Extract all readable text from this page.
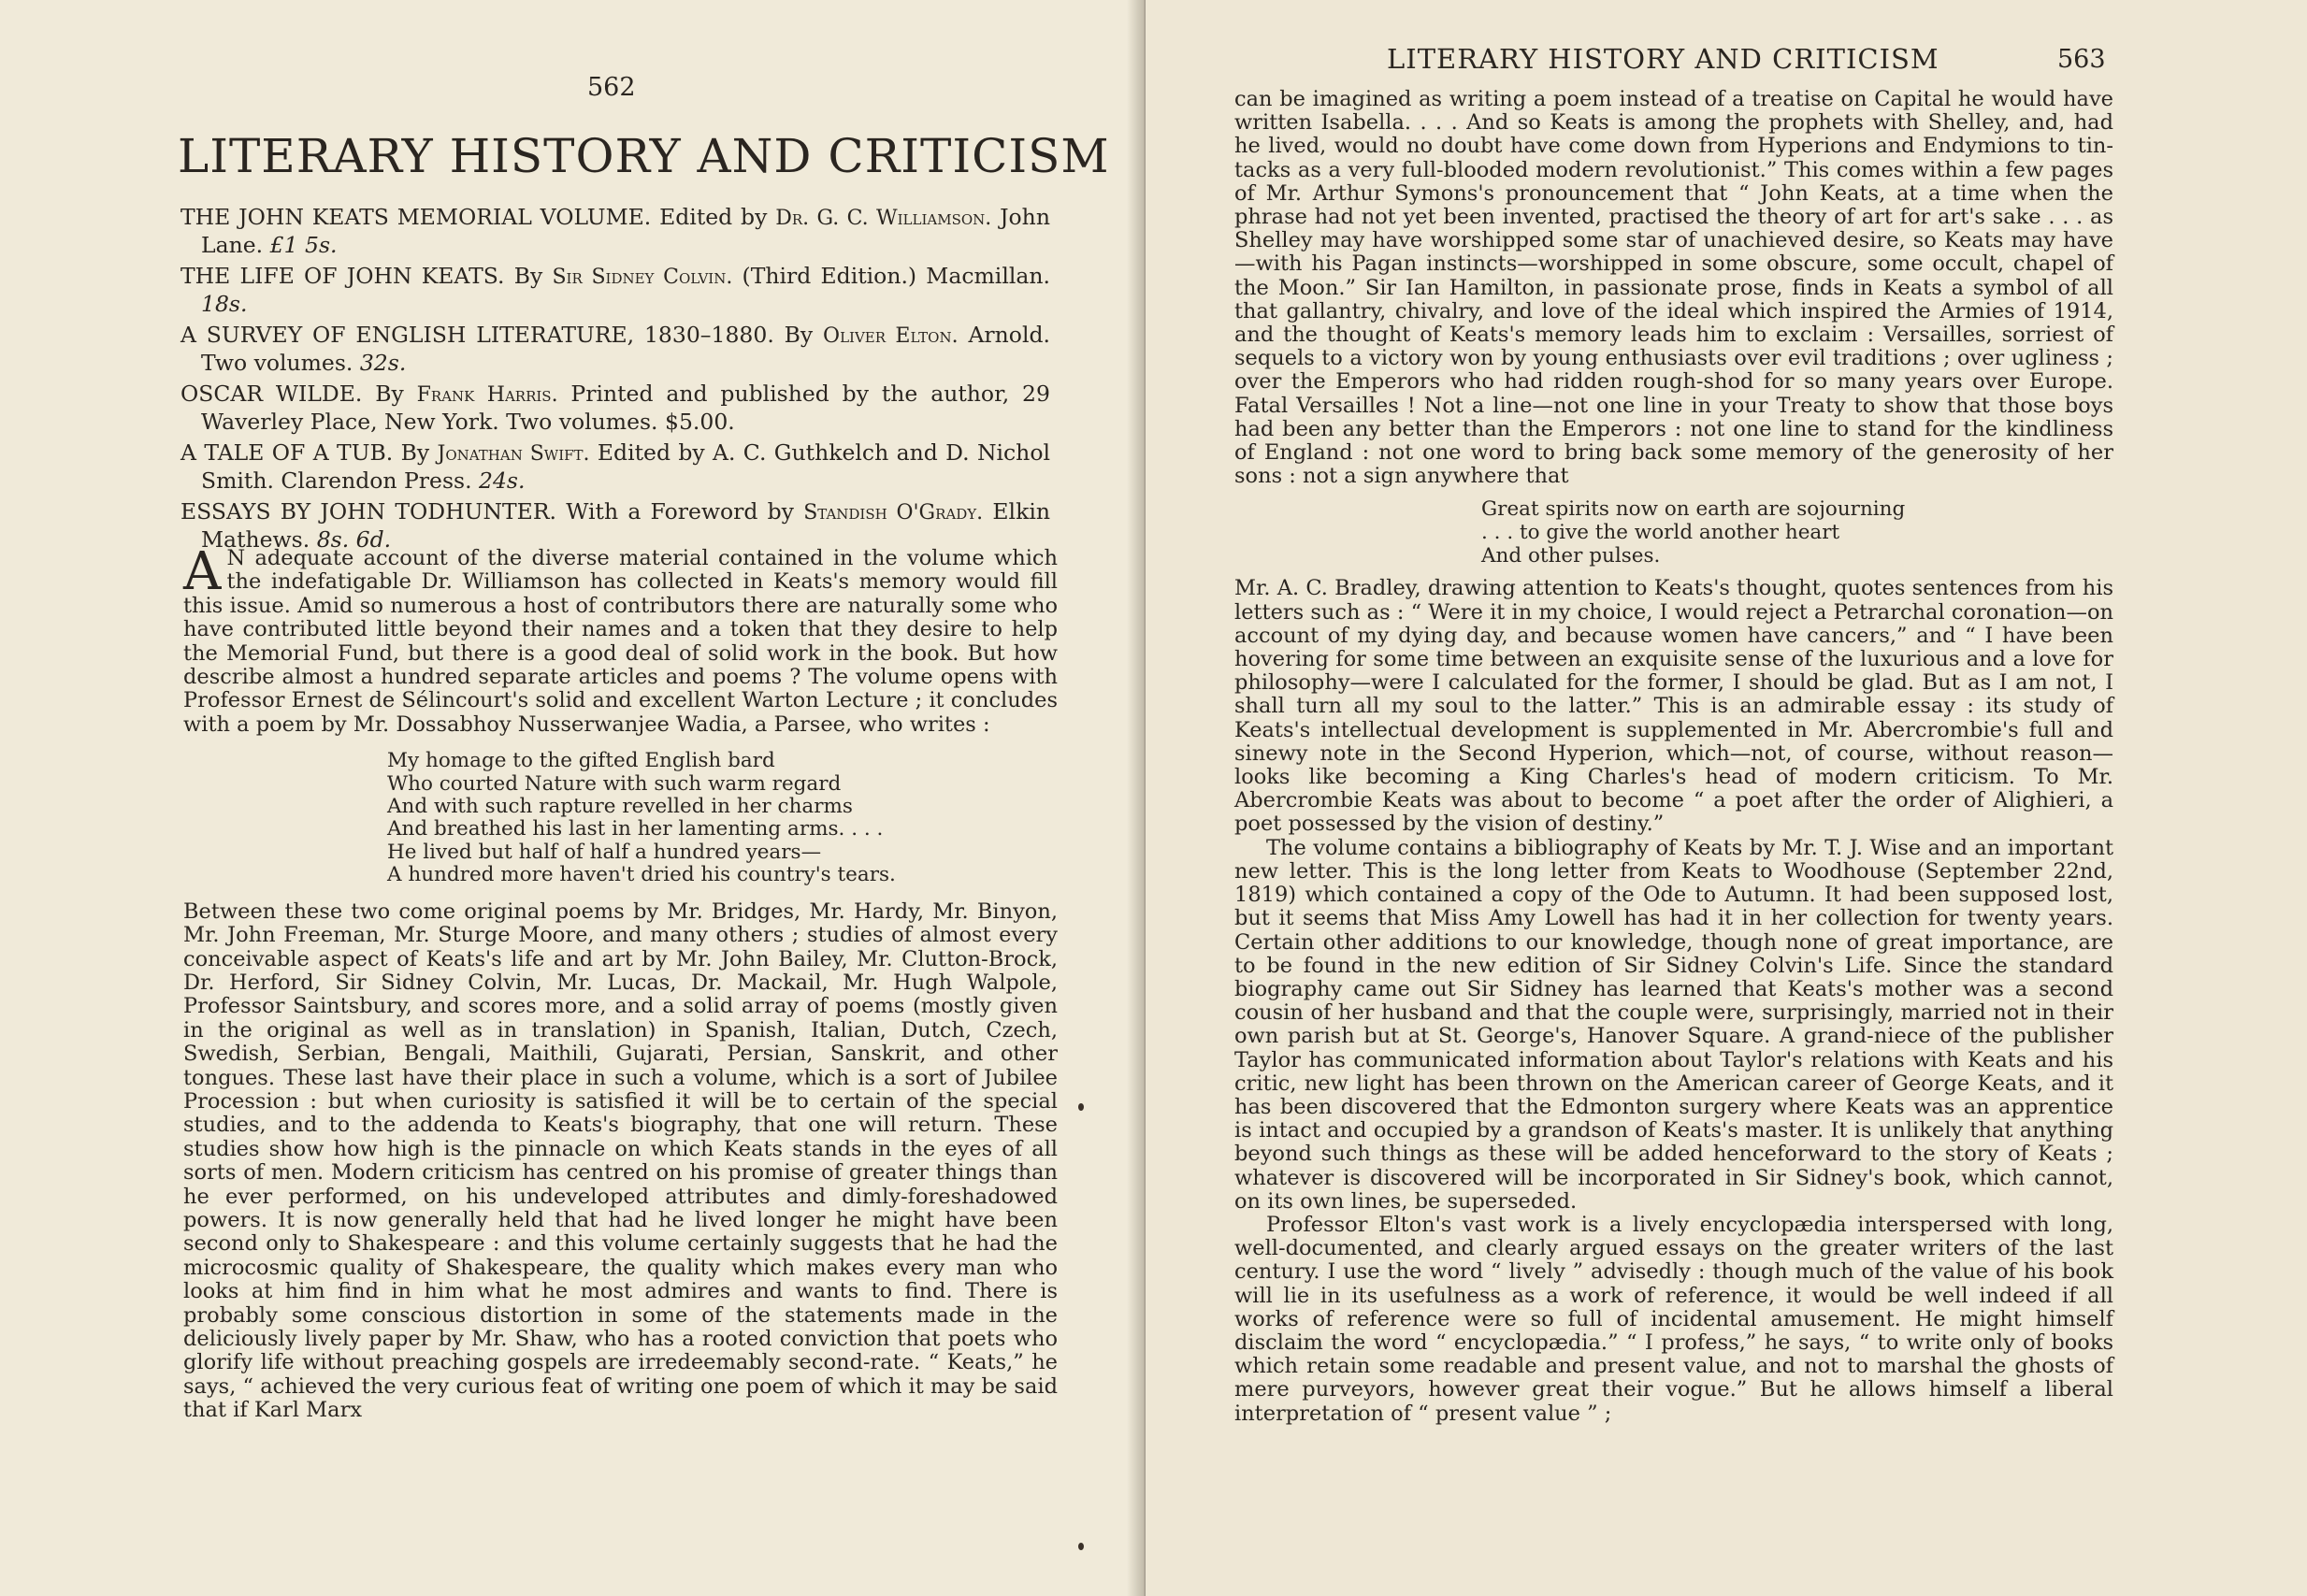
562
LITERARY HISTORY AND CRITICISM

THE JOHN KEATS MEMORIAL VOLUME. Edited by Dr. G. C. Williamson. John Lane. £1 5s.

THE LIFE OF JOHN KEATS. By Sir Sidney Colvin. (Third Edition.) Macmillan. 18s.

A SURVEY OF ENGLISH LITERATURE, 1830–1880. By Oliver Elton. Arnold. Two volumes. 32s.

OSCAR WILDE. By Frank Harris. Printed and published by the author, 29 Waverley Place, New York. Two volumes. $5.00.

A TALE OF A TUB. By Jonathan Swift. Edited by A. C. Guthkelch and D. Nichol Smith. Clarendon Press. 24s.

ESSAYS BY JOHN TODHUNTER. With a Foreword by Standish O'Grady. Elkin Mathews. 8s. 6d.

A N adequate account of the diverse material contained in the volume which the indefatigable Dr. Williamson has collected in Keats's memory would fill this issue. Amid so numerous a host of contributors there are naturally some who have contributed little beyond their names and a token that they desire to help the Memorial Fund, but there is a good deal of solid work in the book. But how describe almost a hundred separate articles and poems ? The volume opens with Professor Ernest de Sélincourt's solid and excellent Warton Lecture ; it concludes with a poem by Mr. Dossabhoy Nusserwanjee Wadia, a Parsee, who writes :

My homage to the gifted English bard
Who courted Nature with such warm regard
And with such rapture revelled in her charms
And breathed his last in her lamenting arms. . . .
He lived but half of half a hundred years—
A hundred more haven't dried his country's tears.

Between these two come original poems by Mr. Bridges, Mr. Hardy, Mr. Binyon, Mr. John Freeman, Mr. Sturge Moore, and many others ; studies of almost every conceivable aspect of Keats's life and art by Mr. John Bailey, Mr. Clutton-Brock, Dr. Herford, Sir Sidney Colvin, Mr. Lucas, Dr. Mackail, Mr. Hugh Walpole, Professor Saintsbury, and scores more, and a solid array of poems (mostly given in the original as well as in translation) in Spanish, Italian, Dutch, Czech, Swedish, Serbian, Bengali, Maithili, Gujarati, Persian, Sanskrit, and other tongues. These last have their place in such a volume, which is a sort of Jubilee Procession : but when curiosity is satisfied it will be to certain of the special studies, and to the addenda to Keats's biography, that one will return. These studies show how high is the pinnacle on which Keats stands in the eyes of all sorts of men. Modern criticism has centred on his promise of greater things than he ever performed, on his undeveloped attributes and dimly-foreshadowed powers. It is now generally held that had he lived longer he might have been second only to Shakespeare : and this volume certainly suggests that he had the microcosmic quality of Shakespeare, the quality which makes every man who looks at him find in him what he most admires and wants to find. There is probably some conscious distortion in some of the statements made in the deliciously lively paper by Mr. Shaw, who has a rooted conviction that poets who glorify life without preaching gospels are irredeemably second-rate. “ Keats,” he says, “ achieved the very curious feat of writing one poem of which it may be said that if Karl Marx

LITERARY HISTORY AND CRITICISM	563

can be imagined as writing a poem instead of a treatise on Capital he would have written Isabella. . . . And so Keats is among the prophets with Shelley, and, had he lived, would no doubt have come down from Hyperions and Endymions to tin-tacks as a very full-blooded modern revolutionist.” This comes within a few pages of Mr. Arthur Symons's pronouncement that “ John Keats, at a time when the phrase had not yet been invented, practised the theory of art for art's sake . . . as Shelley may have worshipped some star of unachieved desire, so Keats may have—with his Pagan instincts—worshipped in some obscure, some occult, chapel of the Moon.” Sir Ian Hamilton, in passionate prose, finds in Keats a symbol of all that gallantry, chivalry, and love of the ideal which inspired the Armies of 1914, and the thought of Keats's memory leads him to exclaim : Versailles, sorriest of sequels to a victory won by young enthusiasts over evil traditions ; over ugliness ; over the Emperors who had ridden rough-shod for so many years over Europe. Fatal Versailles ! Not a line—not one line in your Treaty to show that those boys had been any better than the Emperors : not one line to stand for the kindliness of England : not one word to bring back some memory of the generosity of her sons : not a sign anywhere that

Great spirits now on earth are sojourning
. . . to give the world another heart
And other pulses.

Mr. A. C. Bradley, drawing attention to Keats's thought, quotes sentences from his letters such as : “ Were it in my choice, I would reject a Petrarchal coronation—on account of my dying day, and because women have cancers,” and “ I have been hovering for some time between an exquisite sense of the luxurious and a love for philosophy—were I calculated for the former, I should be glad. But as I am not, I shall turn all my soul to the latter.” This is an admirable essay : its study of Keats's intellectual development is supplemented in Mr. Abercrombie's full and sinewy note in the Second Hyperion, which—not, of course, without reason—looks like becoming a King Charles's head of modern criticism. To Mr. Abercrombie Keats was about to become “ a poet after the order of Alighieri, a poet possessed by the vision of destiny.”

The volume contains a bibliography of Keats by Mr. T. J. Wise and an important new letter. This is the long letter from Keats to Woodhouse (September 22nd, 1819) which contained a copy of the Ode to Autumn. It had been supposed lost, but it seems that Miss Amy Lowell has had it in her collection for twenty years. Certain other additions to our knowledge, though none of great importance, are to be found in the new edition of Sir Sidney Colvin's Life. Since the standard biography came out Sir Sidney has learned that Keats's mother was a second cousin of her husband and that the couple were, surprisingly, married not in their own parish but at St. George's, Hanover Square. A grand-niece of the publisher Taylor has communicated information about Taylor's relations with Keats and his critic, new light has been thrown on the American career of George Keats, and it has been discovered that the Edmonton surgery where Keats was an apprentice is intact and occupied by a grandson of Keats's master. It is unlikely that anything beyond such things as these will be added henceforward to the story of Keats ; whatever is discovered will be incorporated in Sir Sidney's book, which cannot, on its own lines, be superseded.

Professor Elton's vast work is a lively encyclopædia interspersed with long, well-documented, and clearly argued essays on the greater writers of the last century. I use the word “ lively ” advisedly : though much of the value of his book will lie in its usefulness as a work of reference, it would be well indeed if all works of reference were so full of incidental amusement. He might himself disclaim the word “ encyclopædia.” “ I profess,” he says, “ to write only of books which retain some readable and present value, and not to marshal the ghosts of mere purveyors, however great their vogue.” But he allows himself a liberal interpretation of “ present value ” ;
